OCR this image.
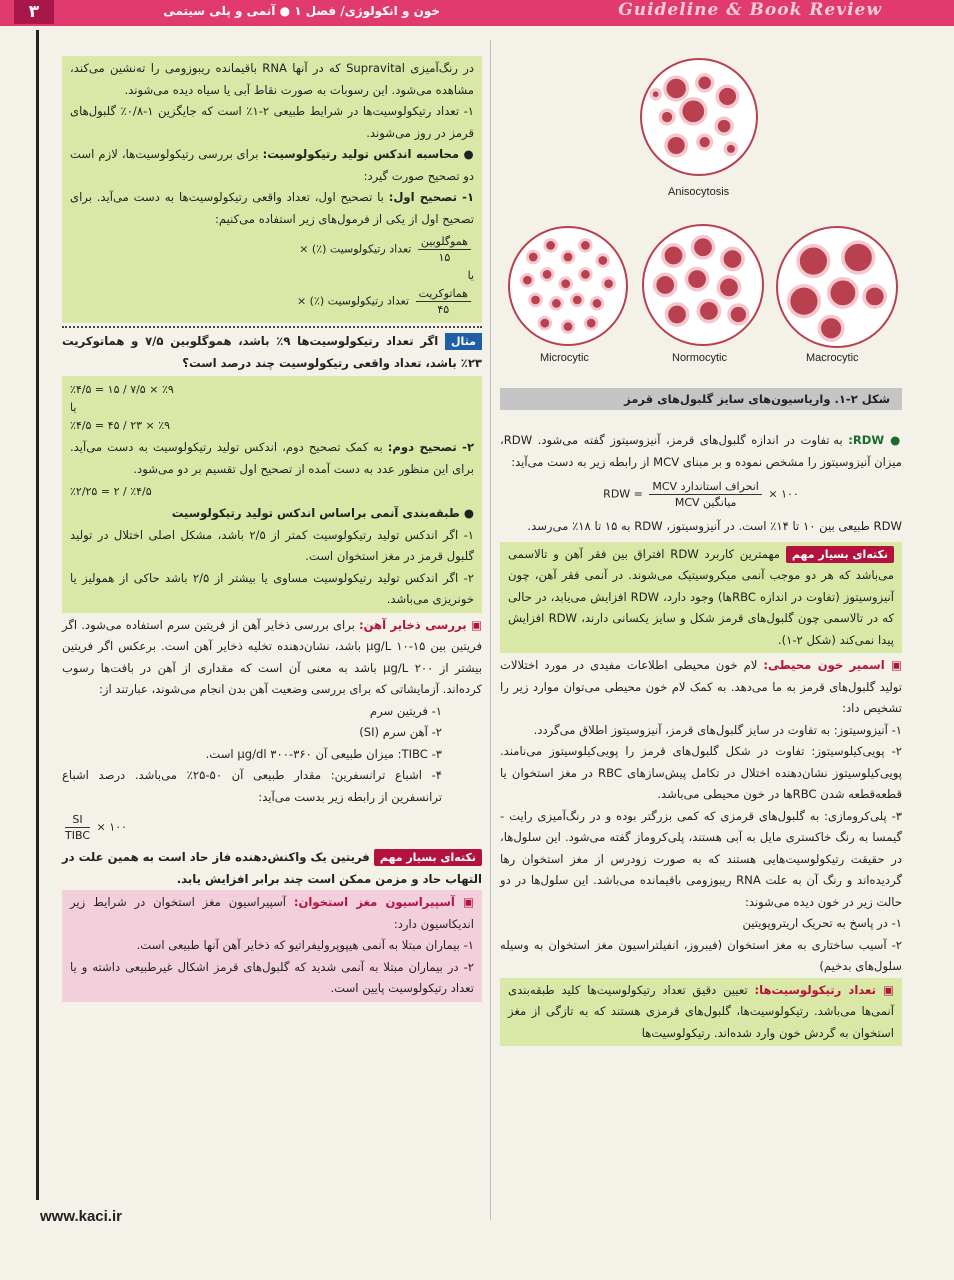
۳	خون و انکولوژی/ فصل ۱ ● آنمی و پلی سیتمی	Guideline & Book Review
Anisocytosis
Microcytic	Normocytic	Macrocytic
شکل ۲-۱. واریاسیون‌های سایز گلبول‌های قرمز

در رنگ‌آمیزی Supravital که در آنها RNA باقیمانده ریبوزومی را ته‌نشین می‌کند، مشاهده می‌شود. این رسوبات به صورت نقاط آبی یا سیاه دیده می‌شوند.

۱- تعداد رتیکولوسیت‌ها در شرایط طبیعی ۲-۱٪ است که جایگزین ۱-۰/۸٪ گلبول‌های قرمز در روز می‌شوند.

● محاسبه اندکس تولید رتیکولوسیت: برای بررسی رتیکولوسیت‌ها، لازم است دو تصحیح صورت گیرد:

۱- تصحیح اول: با تصحیح اول، تعداد واقعی رتیکولوسیت‌ها به دست می‌آید. برای تصحیح اول از یکی از فرمول‌های زیر استفاده می‌کنیم:

$\frac{\text{هموگلوبین}}{۱۵}$
تعداد رتیکولوسیت (٪) ×
یا
$\frac{\text{هماتوکریت}}{۴۵}$
تعداد رتیکولوسیت (٪) ×

مثال اگر تعداد رتیکولوسیت‌ها ۹٪ باشد، هموگلوبین ۷/۵ و هماتوکریت ۲۳٪ باشد، تعداد واقعی رتیکولوسیت چند درصد است؟

٪۹ × ۷/۵ / ۱۵ = ٪۴/۵
یا
٪۹ × ۲۳ / ۴۵ = ٪۴/۵

۲- تصحیح دوم: به کمک تصحیح دوم، اندکس تولید رتیکولوسیت به دست می‌آید. برای این منظور عدد به دست آمده از تصحیح اول تقسیم بر دو می‌شود.

٪۴/۵ / ۲ = ٪۲/۲۵

● طبقه‌بندی آنمی براساس اندکس تولید رتیکولوسیت

۱- اگر اندکس تولید رتیکولوسیت کمتر از ۲/۵ باشد، مشکل اصلی اختلال در تولید گلبول قرمز در مغز استخوان است.

۲- اگر اندکس تولید رتیکولوسیت مساوی یا بیشتر از ۲/۵ باشد حاکی از همولیز یا خونریزی می‌باشد.

▣ بررسی ذخایر آهن: برای بررسی ذخایر آهن از فریتین سرم استفاده می‌شود. اگر فریتین بین ۱۵-۱۰ μg/L باشد، نشان‌دهنده تخلیه ذخایر آهن است. برعکس اگر فریتین بیشتر از ۲۰۰ μg/L باشد به معنی آن است که مقداری از آهن در بافت‌ها رسوب کرده‌اند. آزمایشاتی که برای بررسی وضعیت آهن بدن انجام می‌شوند، عبارتند از:

۱- فریتین سرم

۲- آهن سرم (SI)

۳- TIBC: میزان طبیعی آن ۳۶۰-۳۰۰ μg/dl است.

۴- اشباع ترانسفرین: مقدار طبیعی آن ۵۰-۲۵٪ می‌باشد. درصد اشباع ترانسفرین از رابطه زیر بدست می‌آید:

$\frac{SI}{\text{TIBC}}$ × ۱۰۰

نکته‌ای بسیار مهم فریتین یک واکنش‌دهنده فاز حاد است به همین علت در التهاب حاد و مزمن ممکن است چند برابر افزایش یابد.

▣ آسپیراسیون مغز استخوان: آسپیراسیون مغز استخوان در شرایط زیر اندیکاسیون دارد:

۱- بیماران مبتلا به آنمی هیپوپرولیفراتیو که ذخایر آهن آنها طبیعی است.

۲- در بیماران مبتلا به آنمی شدید که گلبول‌های قرمز اشکال غیرطبیعی داشته و یا تعداد رتیکولوسیت پایین است.

● RDW: به تفاوت در اندازه گلبول‌های قرمز، آنیزوسیتوز گفته می‌شود. RDW، میزان آنیزوسیتوز را مشخص نموده و بر مبنای MCV از رابطه زیر به دست می‌آید:

RDW = $\frac{\text{انحراف استاندارد MCV}}{\text{میانگین MCV}}$ × ۱۰۰

RDW طبیعی بین ۱۰ تا ۱۴٪ است. در آنیزوسیتوز، RDW به ۱۵ تا ۱۸٪ می‌رسد.

نکته‌ای بسیار مهم مهمترین کاربرد RDW افتراق بین فقر آهن و تالاسمی می‌باشد که هر دو موجب آنمی میکروسیتیک می‌شوند. در آنمی فقر آهن، چون آنیزوسیتوز (تفاوت در اندازه RBC‌ها) وجود دارد، RDW افزایش می‌یابد، در حالی که در تالاسمی چون گلبول‌های قرمز شکل و سایز یکسانی دارند، RDW افزایش پیدا نمی‌کند (شکل ۲-۱).

▣ اسمیر خون محیطی: لام خون محیطی اطلاعات مفیدی در مورد اختلالات تولید گلبول‌های قرمز به ما می‌دهد. به کمک لام خون محیطی می‌توان موارد زیر را تشخیص داد:

۱- آنیزوسیتوز: به تفاوت در سایز گلبول‌های قرمز، آنیزوسیتوز اطلاق می‌گردد.

۲- پویی‌کیلوسیتوز: تفاوت در شکل گلبول‌های قرمز را پویی‌کیلوسیتوز می‌نامند. پویی‌کیلوسیتوز نشان‌دهنده اختلال در تکامل پیش‌سازهای RBC در مغز استخوان یا قطعه‌قطعه شدن RBC‌ها در خون محیطی می‌باشد.

۳- پلی‌کرومازی: به گلبول‌های قرمزی که کمی بزرگتر بوده و در رنگ‌آمیزی رایت - گیمسا به رنگ خاکستری مایل به آبی هستند، پلی‌کروماز گفته می‌شود. این سلول‌ها، در حقیقت رتیکولوسیت‌هایی هستند که به صورت زودرس از مغز استخوان رها گردیده‌اند و رنگ آن به علت RNA ریبوزومی باقیمانده می‌باشد. این سلول‌ها در دو حالت زیر در خون دیده می‌شوند:

۱- در پاسخ به تحریک اریتروپویتین

۲- آسیب ساختاری به مغز استخوان (فیبروز، انفیلتراسیون مغز استخوان به وسیله سلول‌های بدخیم)

▣ تعداد رتیکولوسیت‌ها: تعیین دقیق تعداد رتیکولوسیت‌ها کلید طبقه‌بندی آنمی‌ها می‌باشد. رتیکولوسیت‌ها، گلبول‌های قرمزی هستند که به تازگی از مغز استخوان به گردش خون وارد شده‌اند. رتیکولوسیت‌ها

www.kaci.ir
